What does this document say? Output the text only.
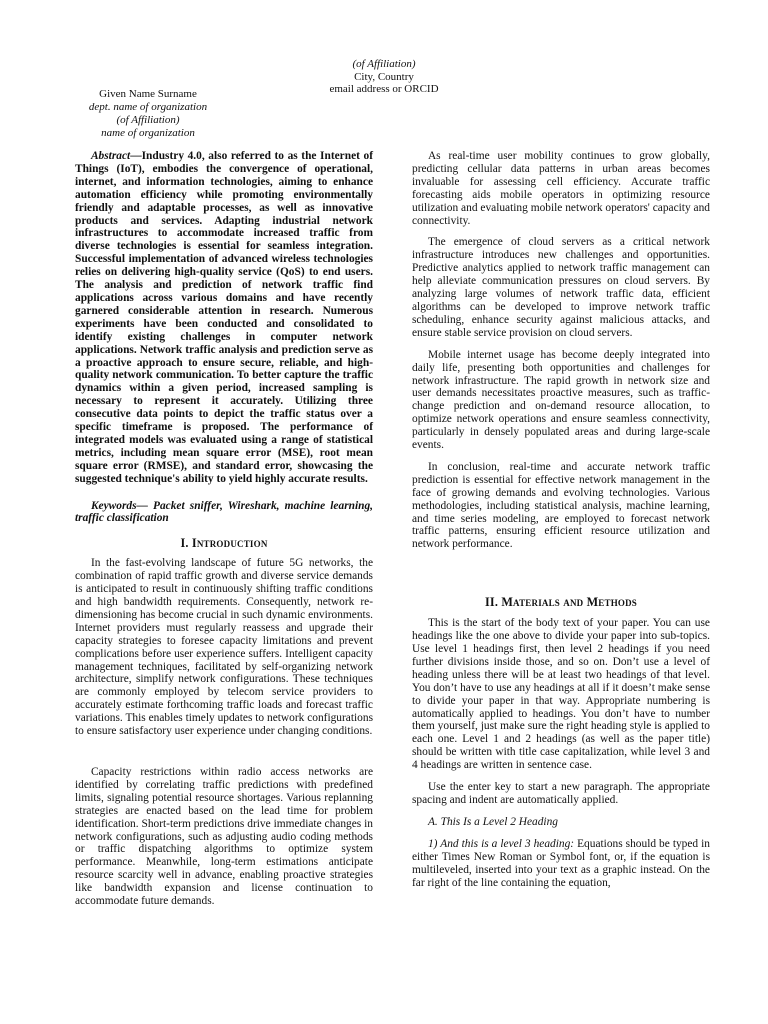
(of Affiliation)
City, Country
email address or ORCID
Given Name Surname
dept. name of organization
(of Affiliation)
name of organization

Abstract—Industry 4.0, also referred to as the Internet of Things (IoT), embodies the convergence of operational, internet, and information technologies, aiming to enhance automation efficiency while promoting environmentally friendly and adaptable processes, as well as innovative products and services. Adapting industrial network infrastructures to accommodate increased traffic from diverse technologies is essential for seamless integration. Successful implementation of advanced wireless technologies relies on delivering high-quality service (QoS) to end users. The analysis and prediction of network traffic find applications across various domains and have recently garnered considerable attention in research. Numerous experiments have been conducted and consolidated to identify existing challenges in computer network applications. Network traffic analysis and prediction serve as a proactive approach to ensure secure, reliable, and high-quality network communication. To better capture the traffic dynamics within a given period, increased sampling is necessary to represent it accurately. Utilizing three consecutive data points to depict the traffic status over a specific timeframe is proposed. The performance of integrated models was evaluated using a range of statistical metrics, including mean square error (MSE), root mean square error (RMSE), and standard error, showcasing the suggested technique's ability to yield highly accurate results.

Keywords— Packet sniffer, Wireshark, machine learning, traffic classification

I. Introduction

In the fast-evolving landscape of future 5G networks, the combination of rapid traffic growth and diverse service demands is anticipated to result in continuously shifting traffic conditions and high bandwidth requirements. Consequently, network re-dimensioning has become crucial in such dynamic environments. Internet providers must regularly reassess and upgrade their capacity strategies to foresee capacity limitations and prevent complications before user experience suffers. Intelligent capacity management techniques, facilitated by self-organizing network architecture, simplify network configurations. These techniques are commonly employed by telecom service providers to accurately estimate forthcoming traffic loads and forecast traffic variations. This enables timely updates to network configurations to ensure satisfactory user experience under changing conditions.

Capacity restrictions within radio access networks are identified by correlating traffic predictions with predefined limits, signaling potential resource shortages. Various replanning strategies are enacted based on the lead time for problem identification. Short-term predictions drive immediate changes in network configurations, such as adjusting audio coding methods or traffic dispatching algorithms to optimize system performance. Meanwhile, long-term estimations anticipate resource scarcity well in advance, enabling proactive strategies like bandwidth expansion and license continuation to accommodate future demands.

As real-time user mobility continues to grow globally, predicting cellular data patterns in urban areas becomes invaluable for assessing cell efficiency. Accurate traffic forecasting aids mobile operators in optimizing resource utilization and evaluating mobile network operators' capacity and connectivity.

The emergence of cloud servers as a critical network infrastructure introduces new challenges and opportunities. Predictive analytics applied to network traffic management can help alleviate communication pressures on cloud servers. By analyzing large volumes of network traffic data, efficient algorithms can be developed to improve network traffic scheduling, enhance security against malicious attacks, and ensure stable service provision on cloud servers.

Mobile internet usage has become deeply integrated into daily life, presenting both opportunities and challenges for network infrastructure. The rapid growth in network size and user demands necessitates proactive measures, such as traffic-change prediction and on-demand resource allocation, to optimize network operations and ensure seamless connectivity, particularly in densely populated areas and during large-scale events.

In conclusion, real-time and accurate network traffic prediction is essential for effective network management in the face of growing demands and evolving technologies. Various methodologies, including statistical analysis, machine learning, and time series modeling, are employed to forecast network traffic patterns, ensuring efficient resource utilization and network performance.

II. Materials and Methods

This is the start of the body text of your paper. You can use headings like the one above to divide your paper into sub-topics. Use level 1 headings first, then level 2 headings if you need further divisions inside those, and so on. Don’t use a level of heading unless there will be at least two headings of that level. You don’t have to use any headings at all if it doesn’t make sense to divide your paper in that way. Appropriate numbering is automatically applied to headings. You don’t have to number them yourself, just make sure the right heading style is applied to each one. Level 1 and 2 headings (as well as the paper title) should be written with title case capitalization, while level 3 and 4 headings are written in sentence case.

Use the enter key to start a new paragraph. The appropriate spacing and indent are automatically applied.

A. This Is a Level 2 Heading

1) And this is a level 3 heading: Equations should be typed in either Times New Roman or Symbol font, or, if the equation is multileveled, inserted into your text as a graphic instead. On the far right of the line containing the equation,
